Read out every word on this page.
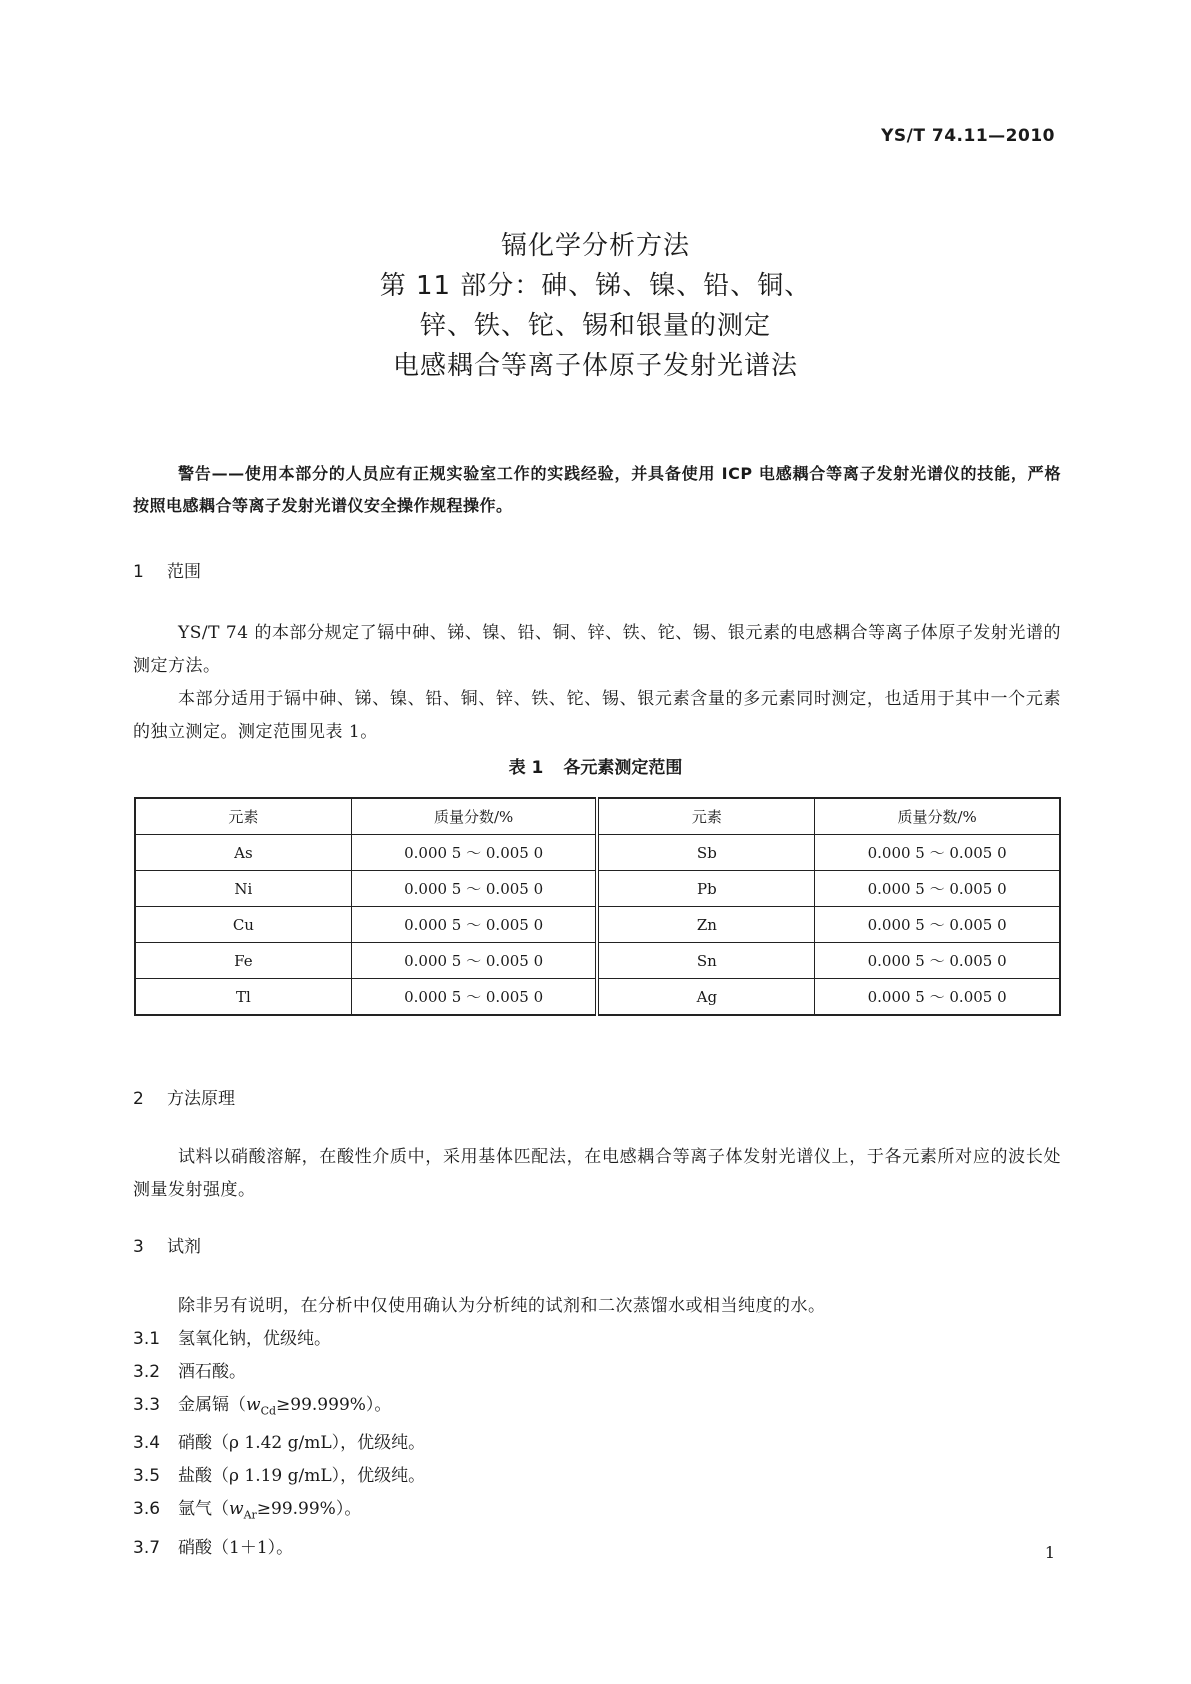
YS/T 74.11—2010
镉化学分析方法
第 11 部分：砷、锑、镍、铅、铜、
锌、铁、铊、锡和银量的测定
电感耦合等离子体原子发射光谱法
警告——使用本部分的人员应有正规实验室工作的实践经验，并具备使用 ICP 电感耦合等离子发射光谱仪的技能，严格按照电感耦合等离子发射光谱仪安全操作规程操作。
1 范围
YS/T 74 的本部分规定了镉中砷、锑、镍、铅、铜、锌、铁、铊、锡、银元素的电感耦合等离子体原子发射光谱的测定方法。
本部分适用于镉中砷、锑、镍、铅、铜、锌、铁、铊、锡、银元素含量的多元素同时测定，也适用于其中一个元素的独立测定。测定范围见表 1。
表 1 各元素测定范围
元素	质量分数/%	元素	质量分数/%
As	0.000 5 ～ 0.005 0	Sb	0.000 5 ～ 0.005 0
Ni	0.000 5 ～ 0.005 0	Pb	0.000 5 ～ 0.005 0
Cu	0.000 5 ～ 0.005 0	Zn	0.000 5 ～ 0.005 0
Fe	0.000 5 ～ 0.005 0	Sn	0.000 5 ～ 0.005 0
Tl	0.000 5 ～ 0.005 0	Ag	0.000 5 ～ 0.005 0
2 方法原理
试料以硝酸溶解，在酸性介质中，采用基体匹配法，在电感耦合等离子体发射光谱仪上，于各元素所对应的波长处测量发射强度。
3 试剂
除非另有说明，在分析中仅使用确认为分析纯的试剂和二次蒸馏水或相当纯度的水。
3.1 氢氧化钠，优级纯。
3.2 酒石酸。
3.3 金属镉$(w_{Cd}\ge 99.999\%)$。
3.4 硝酸（ρ 1.42 g/mL），优级纯。
3.5 盐酸（ρ 1.19 g/mL），优级纯。
3.6 氩气$(w_{Ar}\ge 99.99\%)$。
3.7 硝酸（1＋1）。	1
